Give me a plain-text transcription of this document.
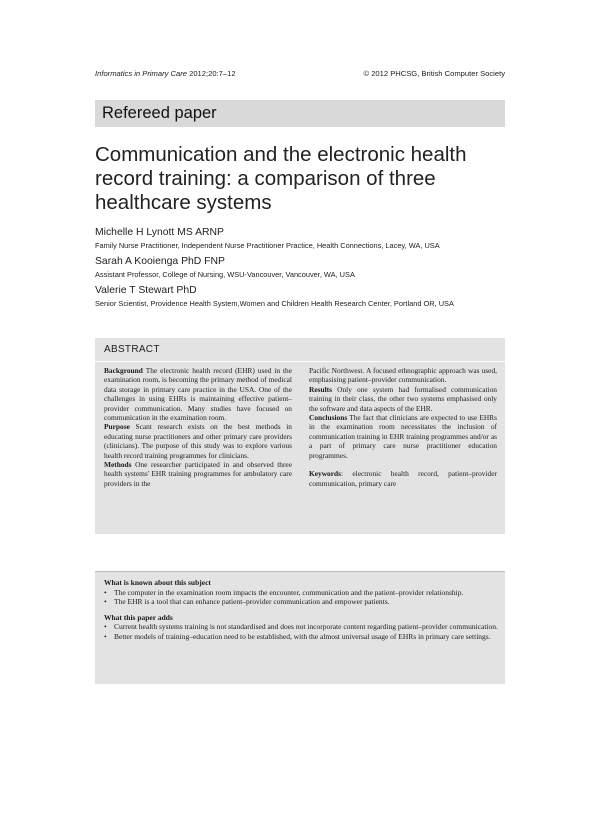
Informatics in Primary Care 2012;20:7–12	© 2012 PHCSG, British Computer Society
Refereed paper
Communication and the electronic health
record training: a comparison of three
healthcare systems
Michelle H Lynott MS ARNP
Family Nurse Practitioner, Independent Nurse Practitioner Practice, Health Connections, Lacey, WA, USA
Sarah A Kooienga PhD FNP
Assistant Professor, College of Nursing, WSU-Vancouver, Vancouver, WA, USA
Valerie T Stewart PhD
Senior Scientist, Providence Health System,Women and Children Health Research Center, Portland OR, USA
ABSTRACT

Background The electronic health record (EHR) used in the examination room, is becoming the primary method of medical data storage in primary care practice in the USA. One of the challenges in using EHRs is maintaining effective patient–provider communication. Many studies have focused on communication in the examination room.

Purpose Scant research exists on the best methods in educating nurse practitioners and other primary care providers (clinicians). The purpose of this study was to explore various health record training programmes for clinicians.

Methods One researcher participated in and observed three health systems' EHR training programmes for ambulatory care providers in the

Pacific Northwest. A focused ethnographic approach was used, emphasising patient–provider communication.

Results Only one system had formalised communication training in their class, the other two systems emphasised only the software and data aspects of the EHR.

Conclusions The fact that clinicians are expected to use EHRs in the examination room necessitates the inclusion of communication training in EHR training programmes and/or as a part of primary care nurse practitioner education programmes.

Keywords: electronic health record, patient–provider communication, primary care

What is known about this subject
• The computer in the examination room impacts the encounter, communication and the patient–provider relationship.
• The EHR is a tool that can enhance patient–provider communication and empower patients.
What this paper adds
• Current health systems training is not standardised and does not incorporate content regarding patient–provider communication.
• Better models of training–education need to be established, with the almost universal usage of EHRs in primary care settings.
